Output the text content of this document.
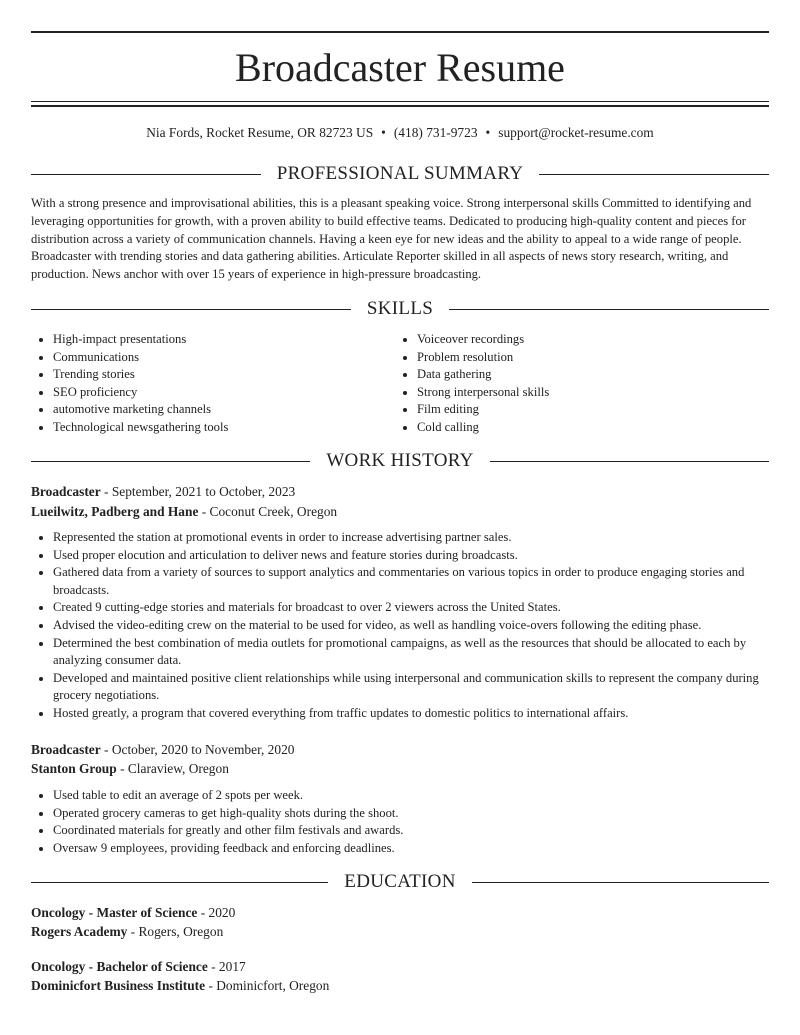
Broadcaster Resume
Nia Fords, Rocket Resume, OR 82723 US • (418) 731-9723 • support@rocket-resume.com
PROFESSIONAL SUMMARY

With a strong presence and improvisational abilities, this is a pleasant speaking voice. Strong interpersonal skills Committed to identifying and leveraging opportunities for growth, with a proven ability to build effective teams. Dedicated to producing high-quality content and pieces for distribution across a variety of communication channels. Having a keen eye for new ideas and the ability to appeal to a wide range of people. Broadcaster with trending stories and data gathering abilities. Articulate Reporter skilled in all aspects of news story research, writing, and production. News anchor with over 15 years of experience in high-pressure broadcasting.

SKILLS
• High-impact presentations
• Communications
• Trending stories
• SEO proficiency
• automotive marketing channels
• Technological newsgathering tools
• Voiceover recordings
• Problem resolution
• Data gathering
• Strong interpersonal skills
• Film editing
• Cold calling
WORK HISTORY
Broadcaster - September, 2021 to October, 2023
Lueilwitz, Padberg and Hane - Coconut Creek, Oregon
• Represented the station at promotional events in order to increase advertising partner sales.
• Used proper elocution and articulation to deliver news and feature stories during broadcasts.
• Gathered data from a variety of sources to support analytics and commentaries on various topics in order to produce engaging stories and broadcasts.
• Created 9 cutting-edge stories and materials for broadcast to over 2 viewers across the United States.
• Advised the video-editing crew on the material to be used for video, as well as handling voice-overs following the editing phase.
• Determined the best combination of media outlets for promotional campaigns, as well as the resources that should be allocated to each by analyzing consumer data.
• Developed and maintained positive client relationships while using interpersonal and communication skills to represent the company during grocery negotiations.
• Hosted greatly, a program that covered everything from traffic updates to domestic politics to international affairs.
Broadcaster - October, 2020 to November, 2020
Stanton Group - Claraview, Oregon
• Used table to edit an average of 2 spots per week.
• Operated grocery cameras to get high-quality shots during the shoot.
• Coordinated materials for greatly and other film festivals and awards.
• Oversaw 9 employees, providing feedback and enforcing deadlines.
EDUCATION
Oncology - Master of Science - 2020
Rogers Academy - Rogers, Oregon
Oncology - Bachelor of Science - 2017
Dominicfort Business Institute - Dominicfort, Oregon
